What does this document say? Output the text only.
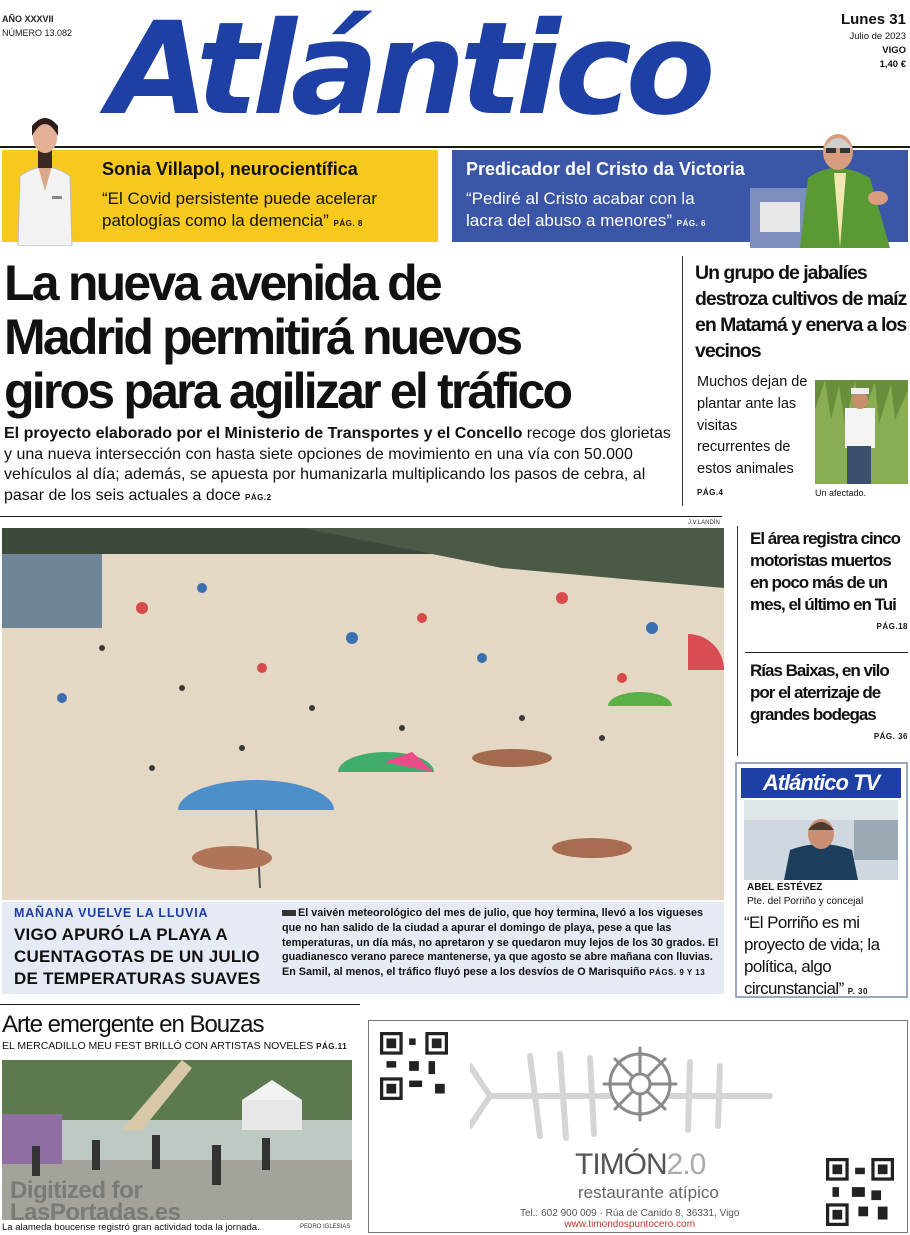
AÑO XXXVII
NÚMERO 13.082 Atlántico	Lunes 31
Julio de 2023
VIGO
1,40 €
Sonia Villapol, neurocientífica
“El Covid persistente puede acelerar
patologías como la demencia” PÁG. 8
Predicador del Cristo da Victoria
“Pediré al Cristo acabar con la
lacra del abuso a menores” PÁG. 6
La nueva avenida de
Madrid permitirá nuevos
giros para agilizar el tráfico
El proyecto elaborado por el Ministerio de Transportes y el Concello recoge dos glorietas y una nueva intersección con hasta siete opciones de movimiento en una vía con 50.000 vehículos al día; además, se apuesta por humanizarla multiplicando los pasos de cebra, al pasar de los seis actuales a doce PÁG.2
Un grupo de jabalíes destroza cultivos de maíz en Matamá y enerva a los vecinos
Muchos dejan de plantar ante las visitas recurrentes de estos animales PÁG.4	Un afectado.
J.V.LANDÍN
MAÑANA VUELVE LA LLUVIA
VIGO APURÓ LA PLAYA A
CUENTAGOTAS DE UN JULIO
DE TEMPERATURAS SUAVES
El vaivén meteorológico del mes de julio, que hoy termina, llevó a los vigueses que no han salido de la ciudad a apurar el domingo de playa, pese a que las temperaturas, un día más, no apretaron y se quedaron muy lejos de los 30 grados. El guadianesco verano parece mantenerse, ya que agosto se abre mañana con lluvias. En Samil, al menos, el tráfico fluyó pese a los desvíos de O Marisquiño PÁGS. 9 Y 13
El área registra cinco motoristas muertos en poco más de un mes, el último en Tui
PÁG.18
Rías Baixas, en vilo por el aterrizaje de grandes bodegas
PÁG. 36
Atlántico TV
ABEL ESTÉVEZ
Pte. del Porriño y concejal
“El Porriño es mi proyecto de vida; la política, algo circunstancial” P. 30
Arte emergente en Bouzas
EL MERCADILLO MEU FEST BRILLÓ CON ARTISTAS NOVELES PÁG.11
La alameda boucense registró gran actividad toda la jornada.	PEDRO IGLESIAS
TIMÓN2.0
restaurante atípico
Tel.: 602 900 009 · Rúa de Canido 8, 36331, Vigo
www.timondospuntocero.com
Digitized for
LasPortadas.es
